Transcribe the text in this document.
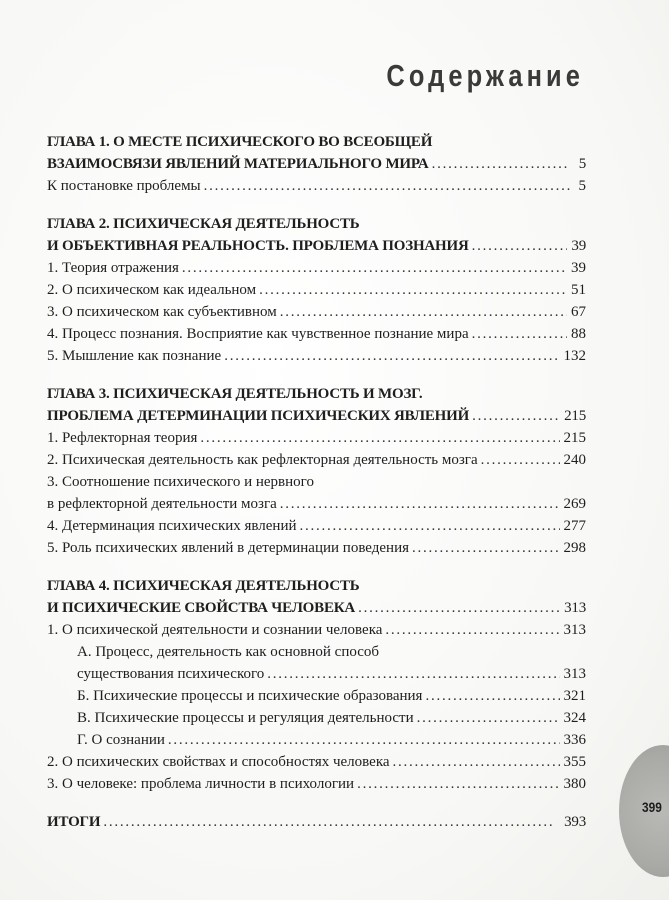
Содержание
ГЛАВА 1. О МЕСТЕ ПСИХИЧЕСКОГО ВО ВСЕОБЩЕЙ
ВЗАИМОСВЯЗИ ЯВЛЕНИЙ МАТЕРИАЛЬНОГО МИРА . . .	5
К постановке проблемы . . .	5
ГЛАВА 2. ПСИХИЧЕСКАЯ ДЕЯТЕЛЬНОСТЬ
И ОБЪЕКТИВНАЯ РЕАЛЬНОСТЬ. ПРОБЛЕМА ПОЗНАНИЯ . . .	39
1. Теория отражения . . .	39
2. О психическом как идеальном . . .	51
3. О психическом как субъективном . . .	67
4. Процесс познания. Восприятие как чувственное познание мира . . .	88
5. Мышление как познание . . .	132
ГЛАВА 3. ПСИХИЧЕСКАЯ ДЕЯТЕЛЬНОСТЬ И МОЗГ.
ПРОБЛЕМА ДЕТЕРМИНАЦИИ ПСИХИЧЕСКИХ ЯВЛЕНИЙ . . .	215
1. Рефлекторная теория . . .	215
2. Психическая деятельность как рефлекторная деятельность мозга . . .	240
3. Соотношение психического и нервного
в рефлекторной деятельности мозга . . .	269
4. Детерминация психических явлений . . .	277
5. Роль психических явлений в детерминации поведения . . .	298
ГЛАВА 4. ПСИХИЧЕСКАЯ ДЕЯТЕЛЬНОСТЬ
И ПСИХИЧЕСКИЕ СВОЙСТВА ЧЕЛОВЕКА . . .	313
1. О психической деятельности и сознании человека . . .	313
А. Процесс, деятельность как основной способ
существования психического . . .	313
Б. Психические процессы и психические образования . . .	321
В. Психические процессы и регуляция деятельности . . .	324
Г. О сознании . . .	336
2. О психических свойствах и способностях человека . . .	355
3. О человеке: проблема личности в психологии . . .	380
ИТОГИ . . .	393
399
